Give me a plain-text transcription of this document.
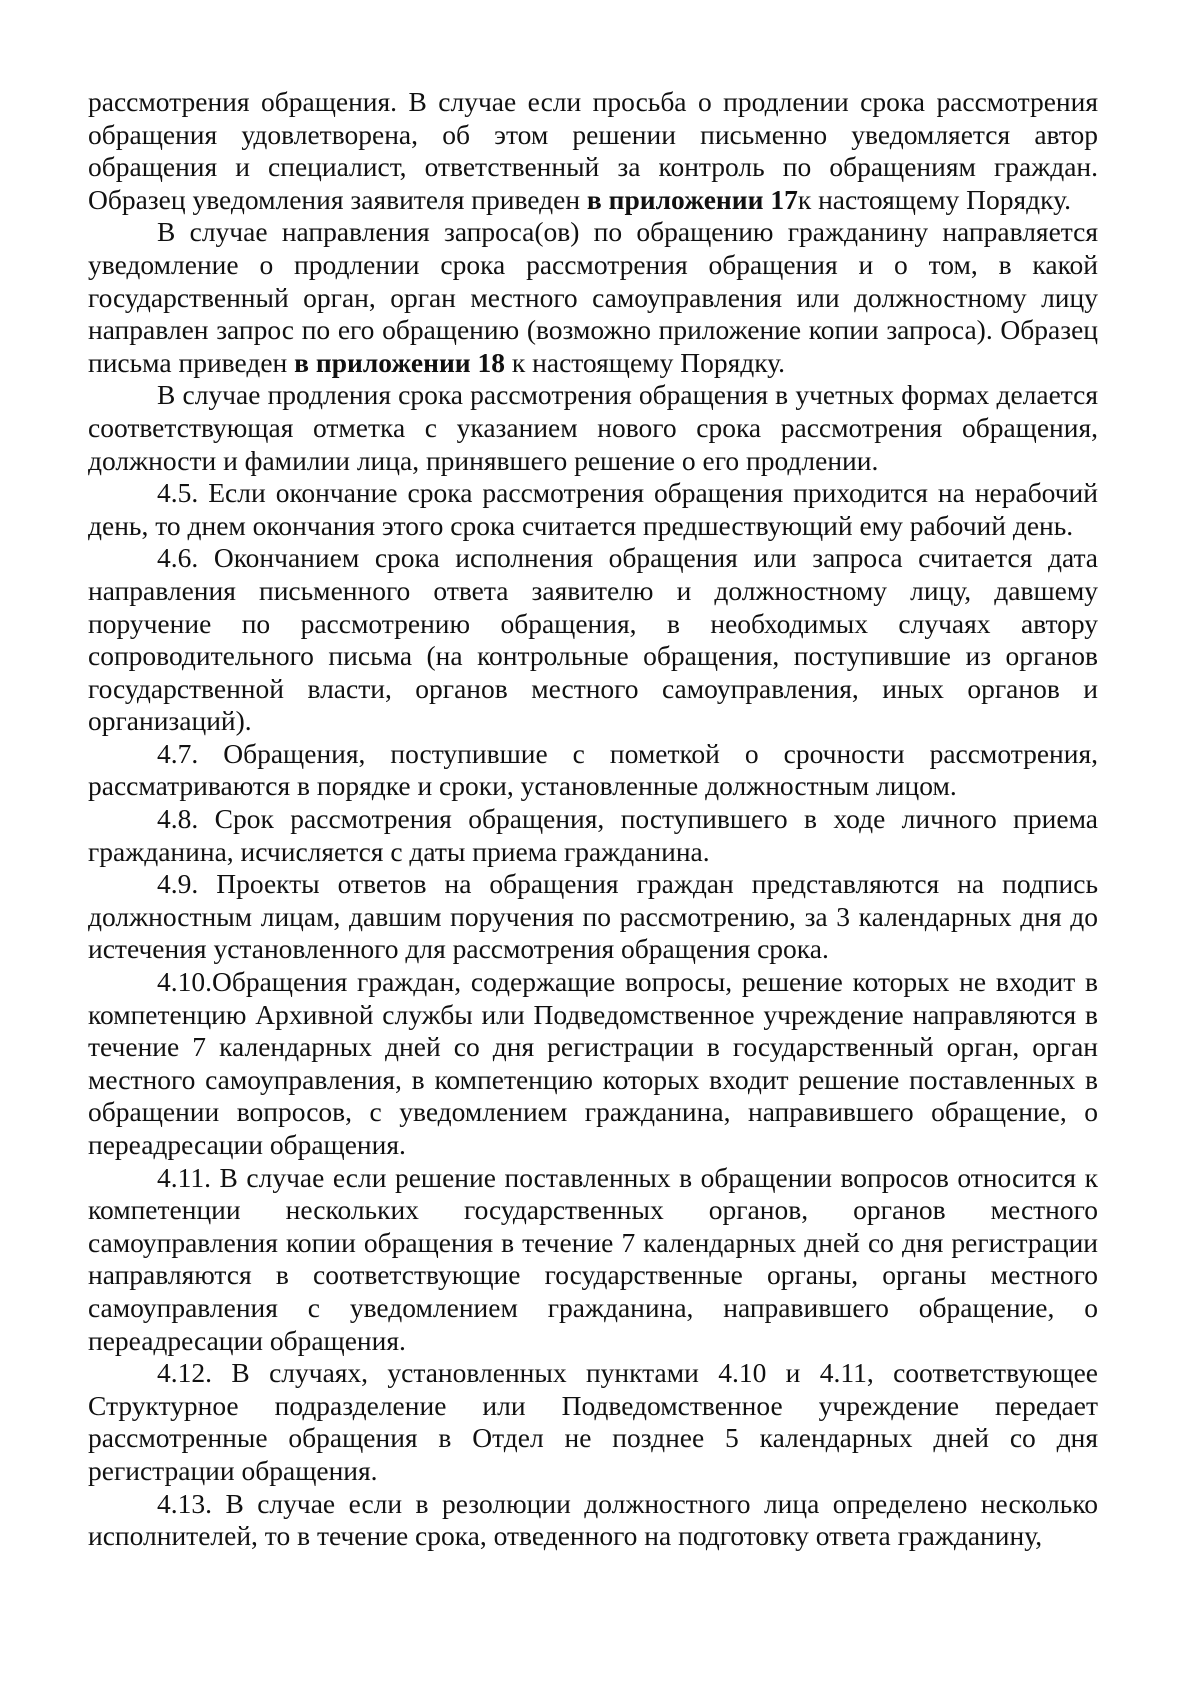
рассмотрения обращения. В случае если просьба о продлении срока рассмотрения обращения удовлетворена, об этом решении письменно уведомляется автор обращения и специалист, ответственный за контроль по обращениям граждан. Образец уведомления заявителя приведен в приложении 17к настоящему Порядку.

В случае направления запроса(ов) по обращению гражданину направляется уведомление о продлении срока рассмотрения обращения и о том, в какой государственный орган, орган местного самоуправления или должностному лицу направлен запрос по его обращению (возможно приложение копии запроса). Образец письма приведен в приложении 18 к настоящему Порядку.

В случае продления срока рассмотрения обращения в учетных формах делается соответствующая отметка с указанием нового срока рассмотрения обращения, должности и фамилии лица, принявшего решение о его продлении.

4.5. Если окончание срока рассмотрения обращения приходится на нерабочий день, то днем окончания этого срока считается предшествующий ему рабочий день.

4.6. Окончанием срока исполнения обращения или запроса считается дата направления письменного ответа заявителю и должностному лицу, давшему поручение по рассмотрению обращения, в необходимых случаях автору сопроводительного письма (на контрольные обращения, поступившие из органов государственной власти, органов местного самоуправления, иных органов и организаций).

4.7. Обращения, поступившие с пометкой о срочности рассмотрения, рассматриваются в порядке и сроки, установленные должностным лицом.

4.8. Срок рассмотрения обращения, поступившего в ходе личного приема гражданина, исчисляется с даты приема гражданина.

4.9. Проекты ответов на обращения граждан представляются на подпись должностным лицам, давшим поручения по рассмотрению, за 3 календарных дня до истечения установленного для рассмотрения обращения срока.

4.10.Обращения граждан, содержащие вопросы, решение которых не входит в компетенцию Архивной службы или Подведомственное учреждение направляются в течение 7 календарных дней со дня регистрации в государственный орган, орган местного самоуправления, в компетенцию которых входит решение поставленных в обращении вопросов, с уведомлением гражданина, направившего обращение, о переадресации обращения.

4.11. В случае если решение поставленных в обращении вопросов относится к компетенции нескольких государственных органов, органов местного самоуправления копии обращения в течение 7 календарных дней со дня регистрации направляются в соответствующие государственные органы, органы местного самоуправления с уведомлением гражданина, направившего обращение, о переадресации обращения.

4.12. В случаях, установленных пунктами 4.10 и 4.11, соответствующее Структурное подразделение или Подведомственное учреждение передает рассмотренные обращения в Отдел не позднее 5 календарных дней со дня регистрации обращения.

4.13. В случае если в резолюции должностного лица определено несколько исполнителей, то в течение срока, отведенного на подготовку ответа гражданину,
